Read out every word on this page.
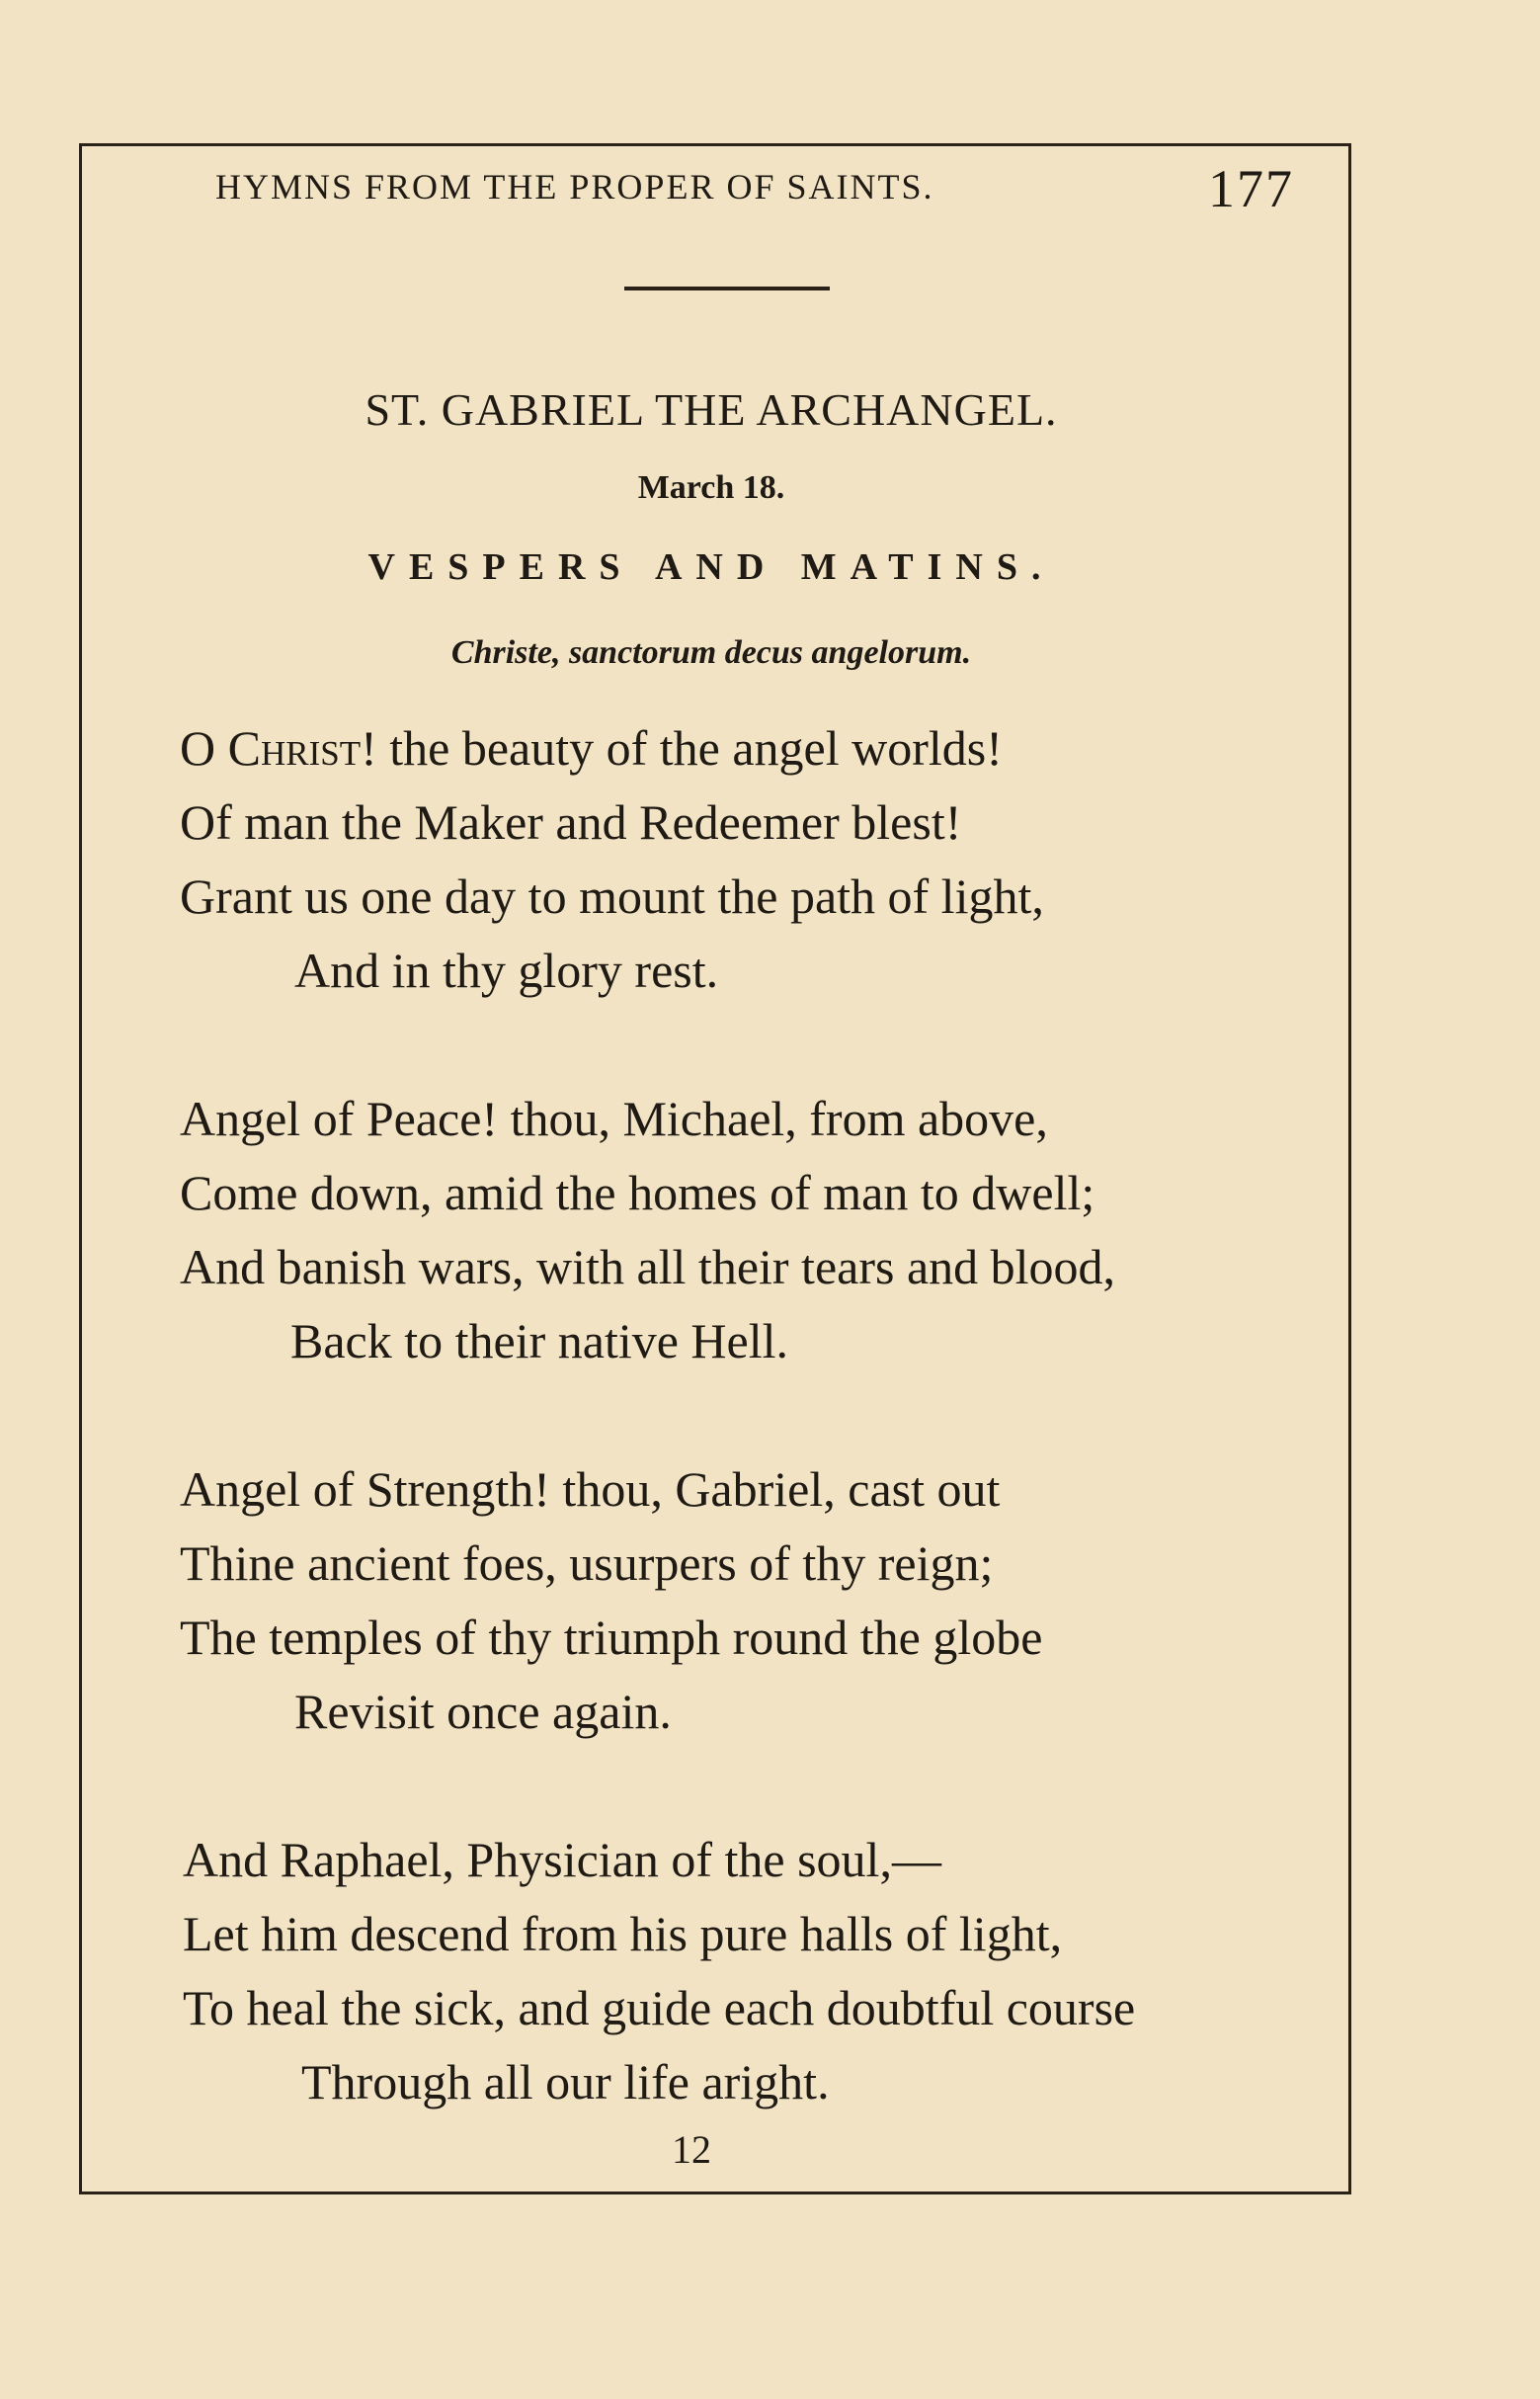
HYMNS FROM THE PROPER OF SAINTS.	177
ST. GABRIEL THE ARCHANGEL.
March 18.
VESPERS AND MATINS.
Christe, sanctorum decus angelorum.
O Christ! the beauty of the angel worlds!
Of man the Maker and Redeemer blest!
Grant us one day to mount the path of light,
And in thy glory rest.
Angel of Peace! thou, Michael, from above,
Come down, amid the homes of man to dwell;
And banish wars, with all their tears and blood,
Back to their native Hell.
Angel of Strength! thou, Gabriel, cast out
Thine ancient foes, usurpers of thy reign;
The temples of thy triumph round the globe
Revisit once again.
And Raphael, Physician of the soul,—
Let him descend from his pure halls of light,
To heal the sick, and guide each doubtful course
Through all our life aright.
12
